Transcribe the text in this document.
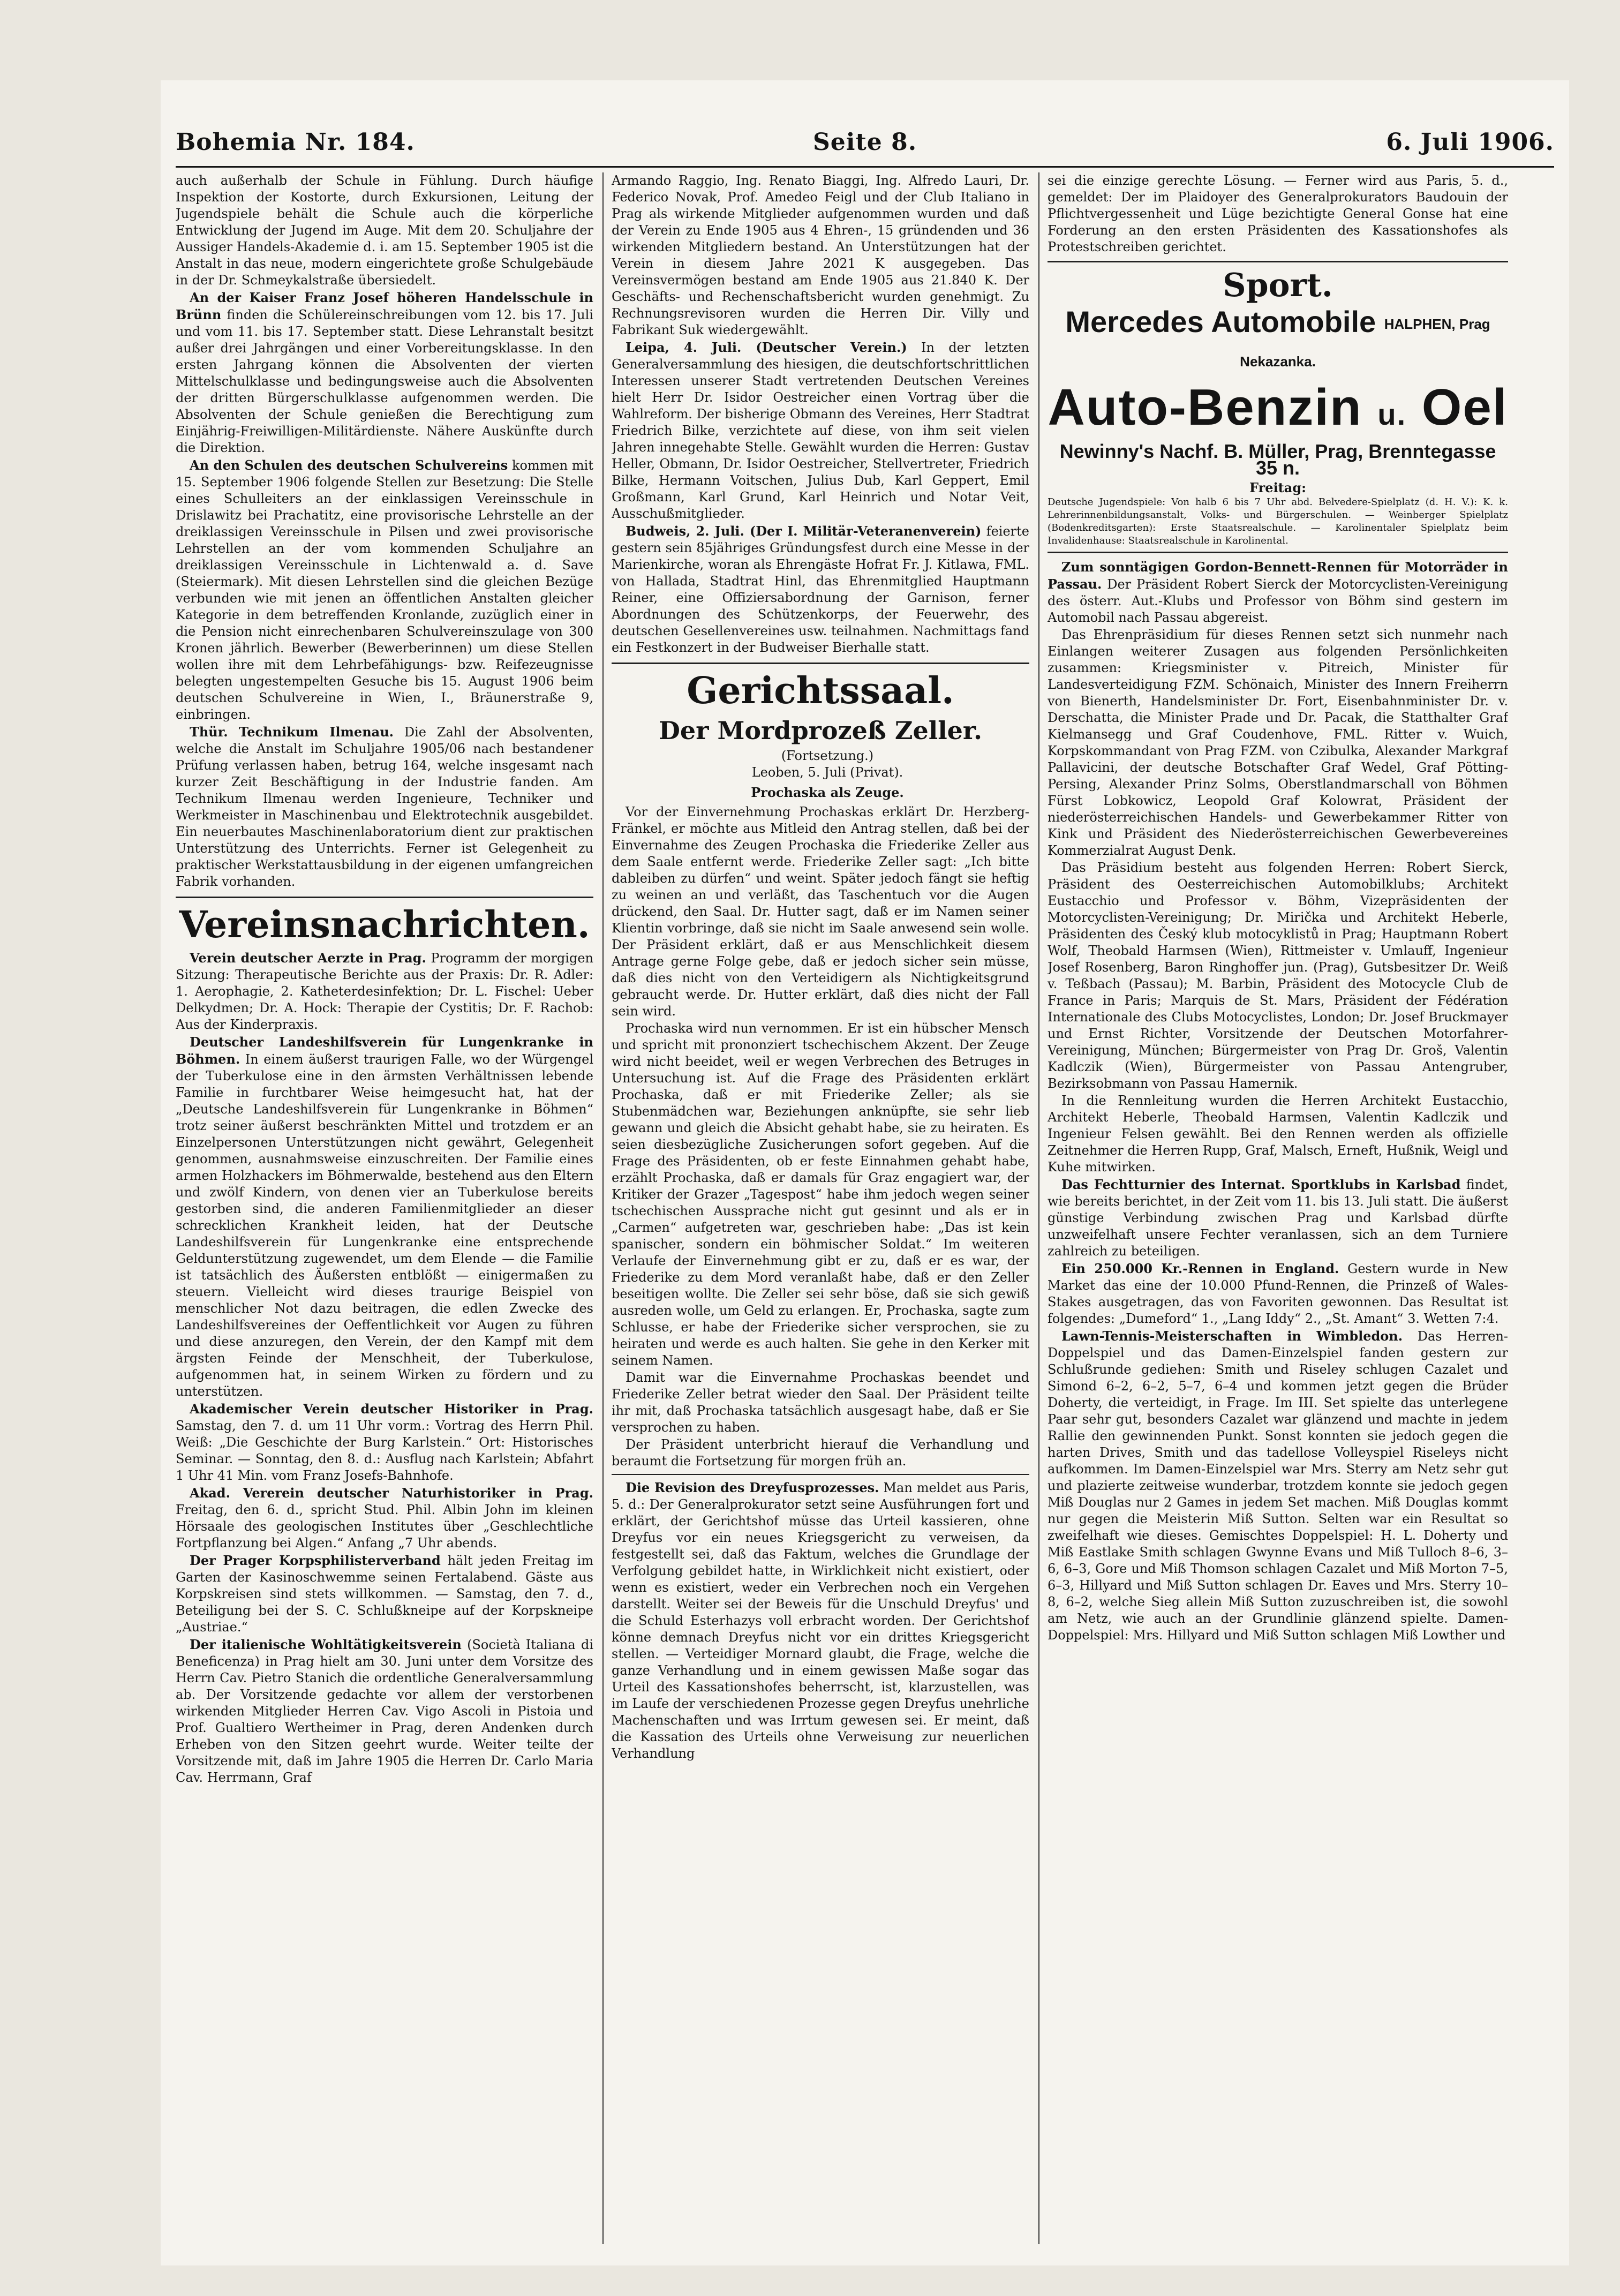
Bohemia Nr. 184.	Seite 8.	6. Juli 1906.

auch außerhalb der Schule in Fühlung. Durch häufige Inspektion der Kostorte, durch Exkursionen, Leitung der Jugendspiele behält die Schule auch die körperliche Entwicklung der Jugend im Auge. Mit dem 20. Schuljahre der Aussiger Handels-Akademie d. i. am 15. September 1905 ist die Anstalt in das neue, modern eingerichtete große Schulgebäude in der Dr. Schmeykalstraße übersiedelt.

An der Kaiser Franz Josef höheren Handelsschule in Brünn finden die Schülereinschreibungen vom 12. bis 17. Juli und vom 11. bis 17. September statt. Diese Lehranstalt besitzt außer drei Jahrgängen und einer Vorbereitungsklasse. In den ersten Jahrgang können die Absolventen der vierten Mittelschulklasse und bedingungsweise auch die Absolventen der dritten Bürgerschulklasse aufgenommen werden. Die Absolventen der Schule genießen die Berechtigung zum Einjährig-Freiwilligen-Militärdienste. Nähere Auskünfte durch die Direktion.

An den Schulen des deutschen Schulvereins kommen mit 15. September 1906 folgende Stellen zur Besetzung: Die Stelle eines Schulleiters an der einklassigen Vereinsschule in Drislawitz bei Prachatitz, eine provisorische Lehrstelle an der dreiklassigen Vereinsschule in Pilsen und zwei provisorische Lehrstellen an der vom kommenden Schuljahre an dreiklassigen Vereinsschule in Lichtenwald a. d. Save (Steiermark). Mit diesen Lehrstellen sind die gleichen Bezüge verbunden wie mit jenen an öffentlichen Anstalten gleicher Kategorie in dem betreffenden Kronlande, zuzüglich einer in die Pension nicht einrechenbaren Schulvereinszulage von 300 Kronen jährlich. Bewerber (Bewerberinnen) um diese Stellen wollen ihre mit dem Lehrbefähigungs- bzw. Reifezeugnisse belegten ungestempelten Gesuche bis 15. August 1906 beim deutschen Schulvereine in Wien, I., Bräunerstraße 9, einbringen.

Thür. Technikum Ilmenau. Die Zahl der Absolventen, welche die Anstalt im Schuljahre 1905/06 nach bestandener Prüfung verlassen haben, betrug 164, welche insgesamt nach kurzer Zeit Beschäftigung in der Industrie fanden. Am Technikum Ilmenau werden Ingenieure, Techniker und Werkmeister in Maschinenbau und Elektrotechnik ausgebildet. Ein neuerbautes Maschinenlaboratorium dient zur praktischen Unterstützung des Unterrichts. Ferner ist Gelegenheit zu praktischer Werkstattausbildung in der eigenen umfangreichen Fabrik vorhanden.

Vereinsnachrichten.

Verein deutscher Aerzte in Prag. Programm der morgigen Sitzung: Therapeutische Berichte aus der Praxis: Dr. R. Adler: 1. Aerophagie, 2. Katheterdesinfektion; Dr. L. Fischel: Ueber Delkydmen; Dr. A. Hock: Therapie der Cystitis; Dr. F. Rachob: Aus der Kinderpraxis.

Deutscher Landeshilfsverein für Lungenkranke in Böhmen. In einem äußerst traurigen Falle, wo der Würgengel der Tuberkulose eine in den ärmsten Verhältnissen lebende Familie in furchtbarer Weise heimgesucht hat, hat der „Deutsche Landeshilfsverein für Lungenkranke in Böhmen“ trotz seiner äußerst beschränkten Mittel und trotzdem er an Einzelpersonen Unterstützungen nicht gewährt, Gelegenheit genommen, ausnahmsweise einzuschreiten. Der Familie eines armen Holzhackers im Böhmerwalde, bestehend aus den Eltern und zwölf Kindern, von denen vier an Tuberkulose bereits gestorben sind, die anderen Familienmitglieder an dieser schrecklichen Krankheit leiden, hat der Deutsche Landeshilfsverein für Lungenkranke eine entsprechende Geldunterstützung zugewendet, um dem Elende — die Familie ist tatsächlich des Äußersten entblößt — einigermaßen zu steuern. Vielleicht wird dieses traurige Beispiel von menschlicher Not dazu beitragen, die edlen Zwecke des Landeshilfsvereines der Oeffentlichkeit vor Augen zu führen und diese anzuregen, den Verein, der den Kampf mit dem ärgsten Feinde der Menschheit, der Tuberkulose, aufgenommen hat, in seinem Wirken zu fördern und zu unterstützen.

Akademischer Verein deutscher Historiker in Prag. Samstag, den 7. d. um 11 Uhr vorm.: Vortrag des Herrn Phil. Weiß: „Die Geschichte der Burg Karlstein.“ Ort: Historisches Seminar. — Sonntag, den 8. d.: Ausflug nach Karlstein; Abfahrt 1 Uhr 41 Min. vom Franz Josefs-Bahnhofe.

Akad. Vererein deutscher Naturhistoriker in Prag. Freitag, den 6. d., spricht Stud. Phil. Albin John im kleinen Hörsaale des geologischen Institutes über „Geschlechtliche Fortpflanzung bei Algen.“ Anfang „7 Uhr abends.

Der Prager Korpsphilisterverband hält jeden Freitag im Garten der Kasinoschwemme seinen Fertalabend. Gäste aus Korpskreisen sind stets willkommen. — Samstag, den 7. d., Beteiligung bei der S. C. Schlußkneipe auf der Korpskneipe „Austriae.“

Der italienische Wohltätigkeitsverein (Società Italiana di Beneficenza) in Prag hielt am 30. Juni unter dem Vorsitze des Herrn Cav. Pietro Stanich die ordentliche Generalversammlung ab. Der Vorsitzende gedachte vor allem der verstorbenen wirkenden Mitglieder Herren Cav. Vigo Ascoli in Pistoia und Prof. Gualtiero Wertheimer in Prag, deren Andenken durch Erheben von den Sitzen geehrt wurde. Weiter teilte der Vorsitzende mit, daß im Jahre 1905 die Herren Dr. Carlo Maria Cav. Herrmann, Graf

Armando Raggio, Ing. Renato Biaggi, Ing. Alfredo Lauri, Dr. Federico Novak, Prof. Amedeo Feigl und der Club Italiano in Prag als wirkende Mitglieder aufgenommen wurden und daß der Verein zu Ende 1905 aus 4 Ehren-, 15 gründenden und 36 wirkenden Mitgliedern bestand. An Unterstützungen hat der Verein in diesem Jahre 2021 K ausgegeben. Das Vereinsvermögen bestand am Ende 1905 aus 21.840 K. Der Geschäfts- und Rechenschaftsbericht wurden genehmigt. Zu Rechnungsrevisoren wurden die Herren Dir. Villy und Fabrikant Suk wiedergewählt.

Leipa, 4. Juli. (Deutscher Verein.) In der letzten Generalversammlung des hiesigen, die deutschfortschrittlichen Interessen unserer Stadt vertretenden Deutschen Vereines hielt Herr Dr. Isidor Oestreicher einen Vortrag über die Wahlreform. Der bisherige Obmann des Vereines, Herr Stadtrat Friedrich Bilke, verzichtete auf diese, von ihm seit vielen Jahren innegehabte Stelle. Gewählt wurden die Herren: Gustav Heller, Obmann, Dr. Isidor Oestreicher, Stellvertreter, Friedrich Bilke, Hermann Voitschen, Julius Dub, Karl Geppert, Emil Großmann, Karl Grund, Karl Heinrich und Notar Veit, Ausschußmitglieder.

Budweis, 2. Juli. (Der I. Militär-Veteranenverein) feierte gestern sein 85jähriges Gründungsfest durch eine Messe in der Marienkirche, woran als Ehrengäste Hofrat Fr. J. Kitlawa, FML. von Hallada, Stadtrat Hinl, das Ehrenmitglied Hauptmann Reiner, eine Offiziersabordnung der Garnison, ferner Abordnungen des Schützenkorps, der Feuerwehr, des deutschen Gesellenvereines usw. teilnahmen. Nachmittags fand ein Festkonzert in der Budweiser Bierhalle statt.

Gerichtssaal.
Der Mordprozeß Zeller.

(Fortsetzung.)

Leoben, 5. Juli (Privat).

Prochaska als Zeuge.

Vor der Einvernehmung Prochaskas erklärt Dr. Herzberg-Fränkel, er möchte aus Mitleid den Antrag stellen, daß bei der Einvernahme des Zeugen Prochaska die Friederike Zeller aus dem Saale entfernt werde. Friederike Zeller sagt: „Ich bitte dableiben zu dürfen“ und weint. Später jedoch fängt sie heftig zu weinen an und verläßt, das Taschentuch vor die Augen drückend, den Saal. Dr. Hutter sagt, daß er im Namen seiner Klientin vorbringe, daß sie nicht im Saale anwesend sein wolle. Der Präsident erklärt, daß er aus Menschlichkeit diesem Antrage gerne Folge gebe, daß er jedoch sicher sein müsse, daß dies nicht von den Verteidigern als Nichtigkeitsgrund gebraucht werde. Dr. Hutter erklärt, daß dies nicht der Fall sein wird.

Prochaska wird nun vernommen. Er ist ein hübscher Mensch und spricht mit prononziert tschechischem Akzent. Der Zeuge wird nicht beeidet, weil er wegen Verbrechen des Betruges in Untersuchung ist. Auf die Frage des Präsidenten erklärt Prochaska, daß er mit Friederike Zeller; als sie Stubenmädchen war, Beziehungen anknüpfte, sie sehr lieb gewann und gleich die Absicht gehabt habe, sie zu heiraten. Es seien diesbezügliche Zusicherungen sofort gegeben. Auf die Frage des Präsidenten, ob er feste Einnahmen gehabt habe, erzählt Prochaska, daß er damals für Graz engagiert war, der Kritiker der Grazer „Tagespost“ habe ihm jedoch wegen seiner tschechischen Aussprache nicht gut gesinnt und als er in „Carmen“ aufgetreten war, geschrieben habe: „Das ist kein spanischer, sondern ein böhmischer Soldat.“ Im weiteren Verlaufe der Einvernehmung gibt er zu, daß er es war, der Friederike zu dem Mord veranlaßt habe, daß er den Zeller beseitigen wollte. Die Zeller sei sehr böse, daß sie sich gewiß ausreden wolle, um Geld zu erlangen. Er, Prochaska, sagte zum Schlusse, er habe der Friederike sicher versprochen, sie zu heiraten und werde es auch halten. Sie gehe in den Kerker mit seinem Namen.

Damit war die Einvernahme Prochaskas beendet und Friederike Zeller betrat wieder den Saal. Der Präsident teilte ihr mit, daß Prochaska tatsächlich ausgesagt habe, daß er Sie versprochen zu haben.

Der Präsident unterbricht hierauf die Verhandlung und beraumt die Fortsetzung für morgen früh an.

Die Revision des Dreyfusprozesses. Man meldet aus Paris, 5. d.: Der Generalprokurator setzt seine Ausführungen fort und erklärt, der Gerichtshof müsse das Urteil kassieren, ohne Dreyfus vor ein neues Kriegsgericht zu verweisen, da festgestellt sei, daß das Faktum, welches die Grundlage der Verfolgung gebildet hatte, in Wirklichkeit nicht existiert, oder wenn es existiert, weder ein Verbrechen noch ein Vergehen darstellt. Weiter sei der Beweis für die Unschuld Dreyfus' und die Schuld Esterhazys voll erbracht worden. Der Gerichtshof könne demnach Dreyfus nicht vor ein drittes Kriegsgericht stellen. — Verteidiger Mornard glaubt, die Frage, welche die ganze Verhandlung und in einem gewissen Maße sogar das Urteil des Kassationshofes beherrscht, ist, klarzustellen, was im Laufe der verschiedenen Prozesse gegen Dreyfus unehrliche Machenschaften und was Irrtum gewesen sei. Er meint, daß die Kassation des Urteils ohne Verweisung zur neuerlichen Verhandlung

sei die einzige gerechte Lösung. — Ferner wird aus Paris, 5. d., gemeldet: Der im Plaidoyer des Generalprokurators Baudouin der Pflichtvergessenheit und Lüge bezichtigte General Gonse hat eine Forderung an den ersten Präsidenten des Kassationshofes als Protestschreiben gerichtet.

Sport.
Mercedes Automobile HALPHEN, Prag Nekazanka.
Auto-Benzin u. Oel
Newinny's Nachf. B. Müller, Prag, Brenntegasse 35 n.
Freitag:
Deutsche Jugendspiele: Von halb 6 bis 7 Uhr abd. Belvedere-Spielplatz (d. H. V.): K. k. Lehrerinnenbildungsanstalt, Volks- und Bürgerschulen. — Weinberger Spielplatz (Bodenkreditsgarten): Erste Staatsrealschule. — Karolinentaler Spielplatz beim Invalidenhause: Staatsrealschule in Karolinental.

Zum sonntägigen Gordon-Bennett-Rennen für Motorräder in Passau. Der Präsident Robert Sierck der Motorcyclisten-Vereinigung des österr. Aut.-Klubs und Professor von Böhm sind gestern im Automobil nach Passau abgereist.

Das Ehrenpräsidium für dieses Rennen setzt sich nunmehr nach Einlangen weiterer Zusagen aus folgenden Persönlichkeiten zusammen: Kriegsminister v. Pitreich, Minister für Landesverteidigung FZM. Schönaich, Minister des Innern Freiherrn von Bienerth, Handelsminister Dr. Fort, Eisenbahnminister Dr. v. Derschatta, die Minister Prade und Dr. Pacak, die Statthalter Graf Kielmansegg und Graf Coudenhove, FML. Ritter v. Wuich, Korpskommandant von Prag FZM. von Czibulka, Alexander Markgraf Pallavicini, der deutsche Botschafter Graf Wedel, Graf Pötting-Persing, Alexander Prinz Solms, Oberstlandmarschall von Böhmen Fürst Lobkowicz, Leopold Graf Kolowrat, Präsident der niederösterreichischen Handels- und Gewerbekammer Ritter von Kink und Präsident des Niederösterreichischen Gewerbevereines Kommerzialrat August Denk.

Das Präsidium besteht aus folgenden Herren: Robert Sierck, Präsident des Oesterreichischen Automobilklubs; Architekt Eustacchio und Professor v. Böhm, Vizepräsidenten der Motorcyclisten-Vereinigung; Dr. Mirička und Architekt Heberle, Präsidenten des Český klub motocyklistů in Prag; Hauptmann Robert Wolf, Theobald Harmsen (Wien), Rittmeister v. Umlauff, Ingenieur Josef Rosenberg, Baron Ringhoffer jun. (Prag), Gutsbesitzer Dr. Weiß v. Teßbach (Passau); M. Barbin, Präsident des Motocycle Club de France in Paris; Marquis de St. Mars, Präsident der Fédération Internationale des Clubs Motocyclistes, London; Dr. Josef Bruckmayer und Ernst Richter, Vorsitzende der Deutschen Motorfahrer-Vereinigung, München; Bürgermeister von Prag Dr. Groš, Valentin Kadlczik (Wien), Bürgermeister von Passau Antengruber, Bezirksobmann von Passau Hamernik.

In die Rennleitung wurden die Herren Architekt Eustacchio, Architekt Heberle, Theobald Harmsen, Valentin Kadlczik und Ingenieur Felsen gewählt. Bei den Rennen werden als offizielle Zeitnehmer die Herren Rupp, Graf, Malsch, Erneft, Hußnik, Weigl und Kuhe mitwirken.

Das Fechtturnier des Internat. Sportklubs in Karlsbad findet, wie bereits berichtet, in der Zeit vom 11. bis 13. Juli statt. Die äußerst günstige Verbindung zwischen Prag und Karlsbad dürfte unzweifelhaft unsere Fechter veranlassen, sich an dem Turniere zahlreich zu beteiligen.

Ein 250.000 Kr.-Rennen in England. Gestern wurde in New Market das eine der 10.000 Pfund-Rennen, die Prinzeß of Wales-Stakes ausgetragen, das von Favoriten gewonnen. Das Resultat ist folgendes: „Dumeford“ 1., „Lang Iddy“ 2., „St. Amant“ 3. Wetten 7:4.

Lawn-Tennis-Meisterschaften in Wimbledon. Das Herren-Doppelspiel und das Damen-Einzelspiel fanden gestern zur Schlußrunde gediehen: Smith und Riseley schlugen Cazalet und Simond 6–2, 6–2, 5–7, 6–4 und kommen jetzt gegen die Brüder Doherty, die verteidigt, in Frage. Im III. Set spielte das unterlegene Paar sehr gut, besonders Cazalet war glänzend und machte in jedem Rallie den gewinnenden Punkt. Sonst konnten sie jedoch gegen die harten Drives, Smith und das tadellose Volleyspiel Riseleys nicht aufkommen. Im Damen-Einzelspiel war Mrs. Sterry am Netz sehr gut und plazierte zeitweise wunderbar, trotzdem konnte sie jedoch gegen Miß Douglas nur 2 Games in jedem Set machen. Miß Douglas kommt nur gegen die Meisterin Miß Sutton. Selten war ein Resultat so zweifelhaft wie dieses. Gemischtes Doppelspiel: H. L. Doherty und Miß Eastlake Smith schlagen Gwynne Evans und Miß Tulloch 8–6, 3–6, 6–3, Gore und Miß Thomson schlagen Cazalet und Miß Morton 7–5, 6–3, Hillyard und Miß Sutton schlagen Dr. Eaves und Mrs. Sterry 10–8, 6–2, welche Sieg allein Miß Sutton zuzuschreiben ist, die sowohl am Netz, wie auch an der Grundlinie glänzend spielte. Damen-Doppelspiel: Mrs. Hillyard und Miß Sutton schlagen Miß Lowther und
